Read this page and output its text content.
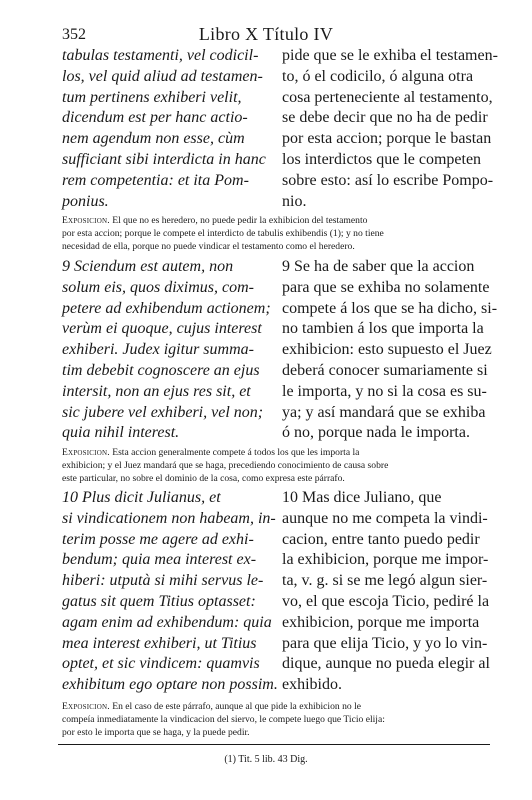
352	Libro X Título IV
tabulas testamenti, vel codicil-
los, vel quid aliud ad testamen-
tum pertinens exhiberi velit,
dicendum est per hanc actio-
nem agendum non esse, cùm
sufficiant sibi interdicta in hanc
rem competentia: et ita Pom-
ponius.
pide que se le exhiba el testamen-
to, ó el codicilo, ó alguna otra
cosa perteneciente al testamento,
se debe decir que no ha de pedir
por esta accion; porque le bastan
los interdictos que le competen
sobre esto: así lo escribe Pompo-
nio.
Exposicion. El que no es heredero, no puede pedir la exhibicion del testamento
por esta accion; porque le compete el interdicto de tabulis exhibendis (1); y no tiene
necesidad de ella, porque no puede vindicar el testamento como el heredero.
9 Sciendum est autem, non
solum eis, quos diximus, com-
petere ad exhibendum actionem;
verùm ei quoque, cujus interest
exhiberi. Judex igitur summa-
tim debebit cognoscere an ejus
intersit, non an ejus res sit, et
sic jubere vel exhiberi, vel non;
quia nihil interest.
9 Se ha de saber que la accion
para que se exhiba no solamente
compete á los que se ha dicho, si-
no tambien á los que importa la
exhibicion: esto supuesto el Juez
deberá conocer sumariamente si
le importa, y no si la cosa es su-
ya; y así mandará que se exhiba
ó no, porque nada le importa.
Exposicion. Esta accion generalmente compete á todos los que les importa la
exhibicion; y el Juez mandará que se haga, precediendo conocimiento de causa sobre
este particular, no sobre el dominio de la cosa, como expresa este párrafo.
10 Plus dicit Julianus, et
si vindicationem non habeam, in-
terim posse me agere ad exhi-
bendum; quia mea interest ex-
hiberi: utputà si mihi servus le-
gatus sit quem Titius optasset:
agam enim ad exhibendum: quia
mea interest exhiberi, ut Titius
optet, et sic vindicem: quamvis
exhibitum ego optare non possim.
10 Mas dice Juliano, que
aunque no me competa la vindi-
cacion, entre tanto puedo pedir
la exhibicion, porque me impor-
ta, v. g. si se me legó algun sier-
vo, el que escoja Ticio, pediré la
exhibicion, porque me importa
para que elija Ticio, y yo lo vin-
dique, aunque no pueda elegir al
exhibido.
Exposicion. En el caso de este párrafo, aunque al que pide la exhibicion no le
compeía inmediatamente la vindicacion del siervo, le compete luego que Ticio elija:
por esto le importa que se haga, y la puede pedir.
(1) Tit. 5 lib. 43 Dig.
